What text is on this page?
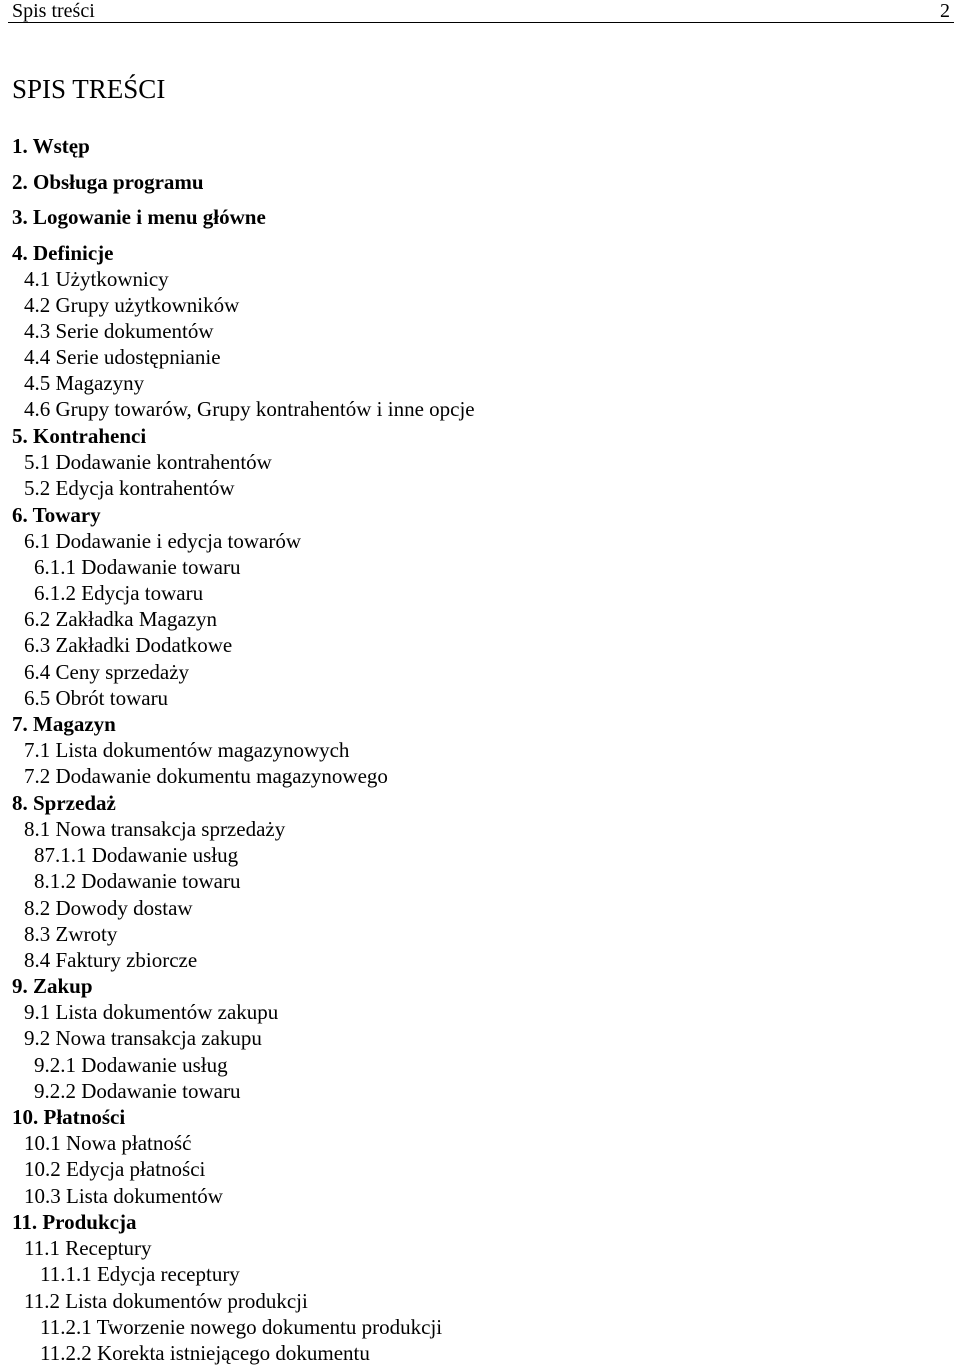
Spis treści	2
SPIS TREŚCI
1. Wstęp
2. Obsługa programu
3. Logowanie i menu główne
4. Definicje
4.1 Użytkownicy
4.2 Grupy użytkowników
4.3 Serie dokumentów
4.4 Serie udostępnianie
4.5 Magazyny
4.6 Grupy towarów, Grupy kontrahentów i inne opcje
5. Kontrahenci
5.1 Dodawanie kontrahentów
5.2 Edycja kontrahentów
6. Towary
6.1 Dodawanie i edycja towarów
6.1.1 Dodawanie towaru
6.1.2 Edycja towaru
6.2 Zakładka Magazyn
6.3 Zakładki Dodatkowe
6.4 Ceny sprzedaży
6.5 Obrót towaru
7. Magazyn
7.1 Lista dokumentów magazynowych
7.2 Dodawanie dokumentu magazynowego
8. Sprzedaż
8.1 Nowa transakcja sprzedaży
87.1.1 Dodawanie usług
8.1.2 Dodawanie towaru
8.2 Dowody dostaw
8.3 Zwroty
8.4 Faktury zbiorcze
9. Zakup
9.1 Lista dokumentów zakupu
9.2 Nowa transakcja zakupu
9.2.1 Dodawanie usług
9.2.2 Dodawanie towaru
10. Płatności
10.1 Nowa płatność
10.2 Edycja płatności
10.3 Lista dokumentów
11. Produkcja
11.1 Receptury
11.1.1 Edycja receptury
11.2 Lista dokumentów produkcji
11.2.1 Tworzenie nowego dokumentu produkcji
11.2.2 Korekta istniejącego dokumentu
